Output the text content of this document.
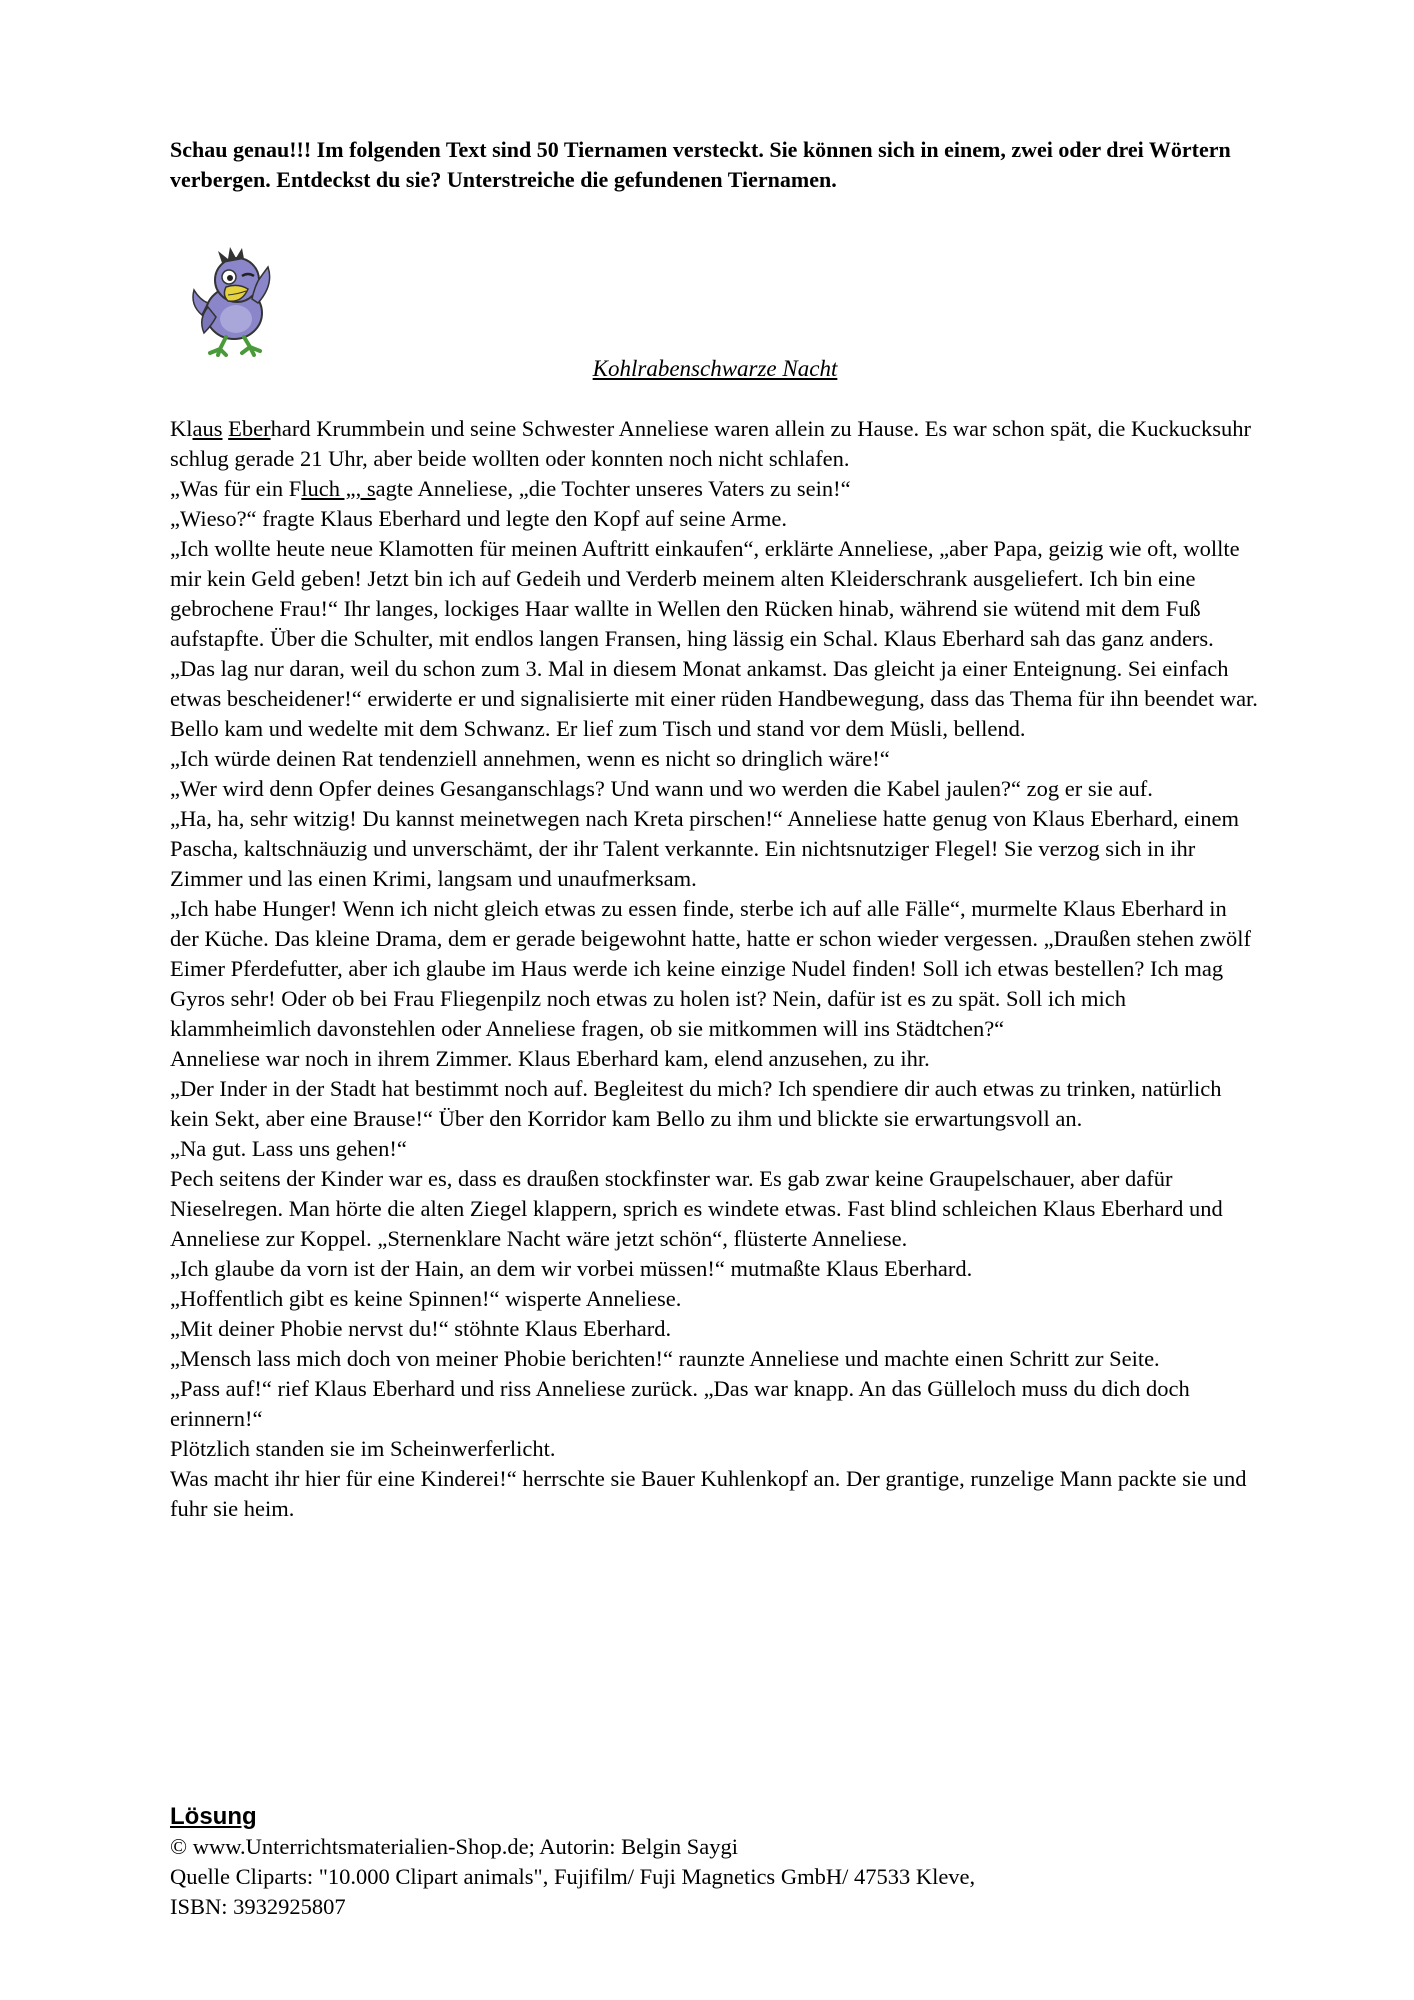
Schau genau!!! Im folgenden Text sind 50 Tiernamen versteckt. Sie können sich in einem, zwei oder drei Wörtern verbergen. Entdeckst du sie? Unterstreiche die gefundenen Tiernamen.

Kohlrabenschwarze Nacht

Klaus Eberhard Krummbein und seine Schwester Anneliese waren allein zu Hause. Es war schon spät, die Kuckucksuhr schlug gerade 21 Uhr, aber beide wollten oder konnten noch nicht schlafen.

„Was für ein Fluch „, sagte Anneliese, „die Tochter unseres Vaters zu sein!“

„Wieso?“ fragte Klaus Eberhard und legte den Kopf auf seine Arme.

„Ich wollte heute neue Klamotten für meinen Auftritt einkaufen“, erklärte Anneliese, „aber Papa, geizig wie oft, wollte mir kein Geld geben! Jetzt bin ich auf Gedeih und Verderb meinem alten Kleiderschrank ausgeliefert. Ich bin eine gebrochene Frau!“ Ihr langes, lockiges Haar wallte in Wellen den Rücken hinab, während sie wütend mit dem Fuß aufstapfte. Über die Schulter, mit endlos langen Fransen, hing lässig ein Schal. Klaus Eberhard sah das ganz anders.

„Das lag nur daran, weil du schon zum 3. Mal in diesem Monat ankamst. Das gleicht ja einer Enteignung. Sei einfach etwas bescheidener!“ erwiderte er und signalisierte mit einer rüden Handbewegung, dass das Thema für ihn beendet war. Bello kam und wedelte mit dem Schwanz. Er lief zum Tisch und stand vor dem Müsli, bellend.

„Ich würde deinen Rat tendenziell annehmen, wenn es nicht so dringlich wäre!“

„Wer wird denn Opfer deines Gesanganschlags? Und wann und wo werden die Kabel jaulen?“ zog er sie auf.

„Ha, ha, sehr witzig! Du kannst meinetwegen nach Kreta pirschen!“ Anneliese hatte genug von Klaus Eberhard, einem Pascha, kaltschnäuzig und unverschämt, der ihr Talent verkannte. Ein nichtsnutziger Flegel! Sie verzog sich in ihr Zimmer und las einen Krimi, langsam und unaufmerksam.

„Ich habe Hunger! Wenn ich nicht gleich etwas zu essen finde, sterbe ich auf alle Fälle“, murmelte Klaus Eberhard in der Küche. Das kleine Drama, dem er gerade beigewohnt hatte, hatte er schon wieder vergessen. „Draußen stehen zwölf Eimer Pferdefutter, aber ich glaube im Haus werde ich keine einzige Nudel finden! Soll ich etwas bestellen? Ich mag Gyros sehr! Oder ob bei Frau Fliegenpilz noch etwas zu holen ist? Nein, dafür ist es zu spät. Soll ich mich klammheimlich davonstehlen oder Anneliese fragen, ob sie mitkommen will ins Städtchen?“

Anneliese war noch in ihrem Zimmer. Klaus Eberhard kam, elend anzusehen, zu ihr.

„Der Inder in der Stadt hat bestimmt noch auf. Begleitest du mich? Ich spendiere dir auch etwas zu trinken, natürlich kein Sekt, aber eine Brause!“ Über den Korridor kam Bello zu ihm und blickte sie erwartungsvoll an.

„Na gut. Lass uns gehen!“

Pech seitens der Kinder war es, dass es draußen stockfinster war. Es gab zwar keine Graupelschauer, aber dafür Nieselregen. Man hörte die alten Ziegel klappern, sprich es windete etwas. Fast blind schleichen Klaus Eberhard und Anneliese zur Koppel. „Sternenklare Nacht wäre jetzt schön“, flüsterte Anneliese.

„Ich glaube da vorn ist der Hain, an dem wir vorbei müssen!“ mutmaßte Klaus Eberhard.

„Hoffentlich gibt es keine Spinnen!“ wisperte Anneliese.

„Mit deiner Phobie nervst du!“ stöhnte Klaus Eberhard.

„Mensch lass mich doch von meiner Phobie berichten!“ raunzte Anneliese und machte einen Schritt zur Seite.

„Pass auf!“ rief Klaus Eberhard und riss Anneliese zurück. „Das war knapp. An das Gülleloch muss du dich doch erinnern!“

Plötzlich standen sie im Scheinwerferlicht.

Was macht ihr hier für eine Kinderei!“ herrschte sie Bauer Kuhlenkopf an. Der grantige, runzelige Mann packte sie und fuhr sie heim.

Lösung

© www.Unterrichtsmaterialien-Shop.de; Autorin: Belgin Saygi

Quelle Cliparts: "10.000 Clipart animals", Fujifilm/ Fuji Magnetics GmbH/ 47533 Kleve,

ISBN: 3932925807
